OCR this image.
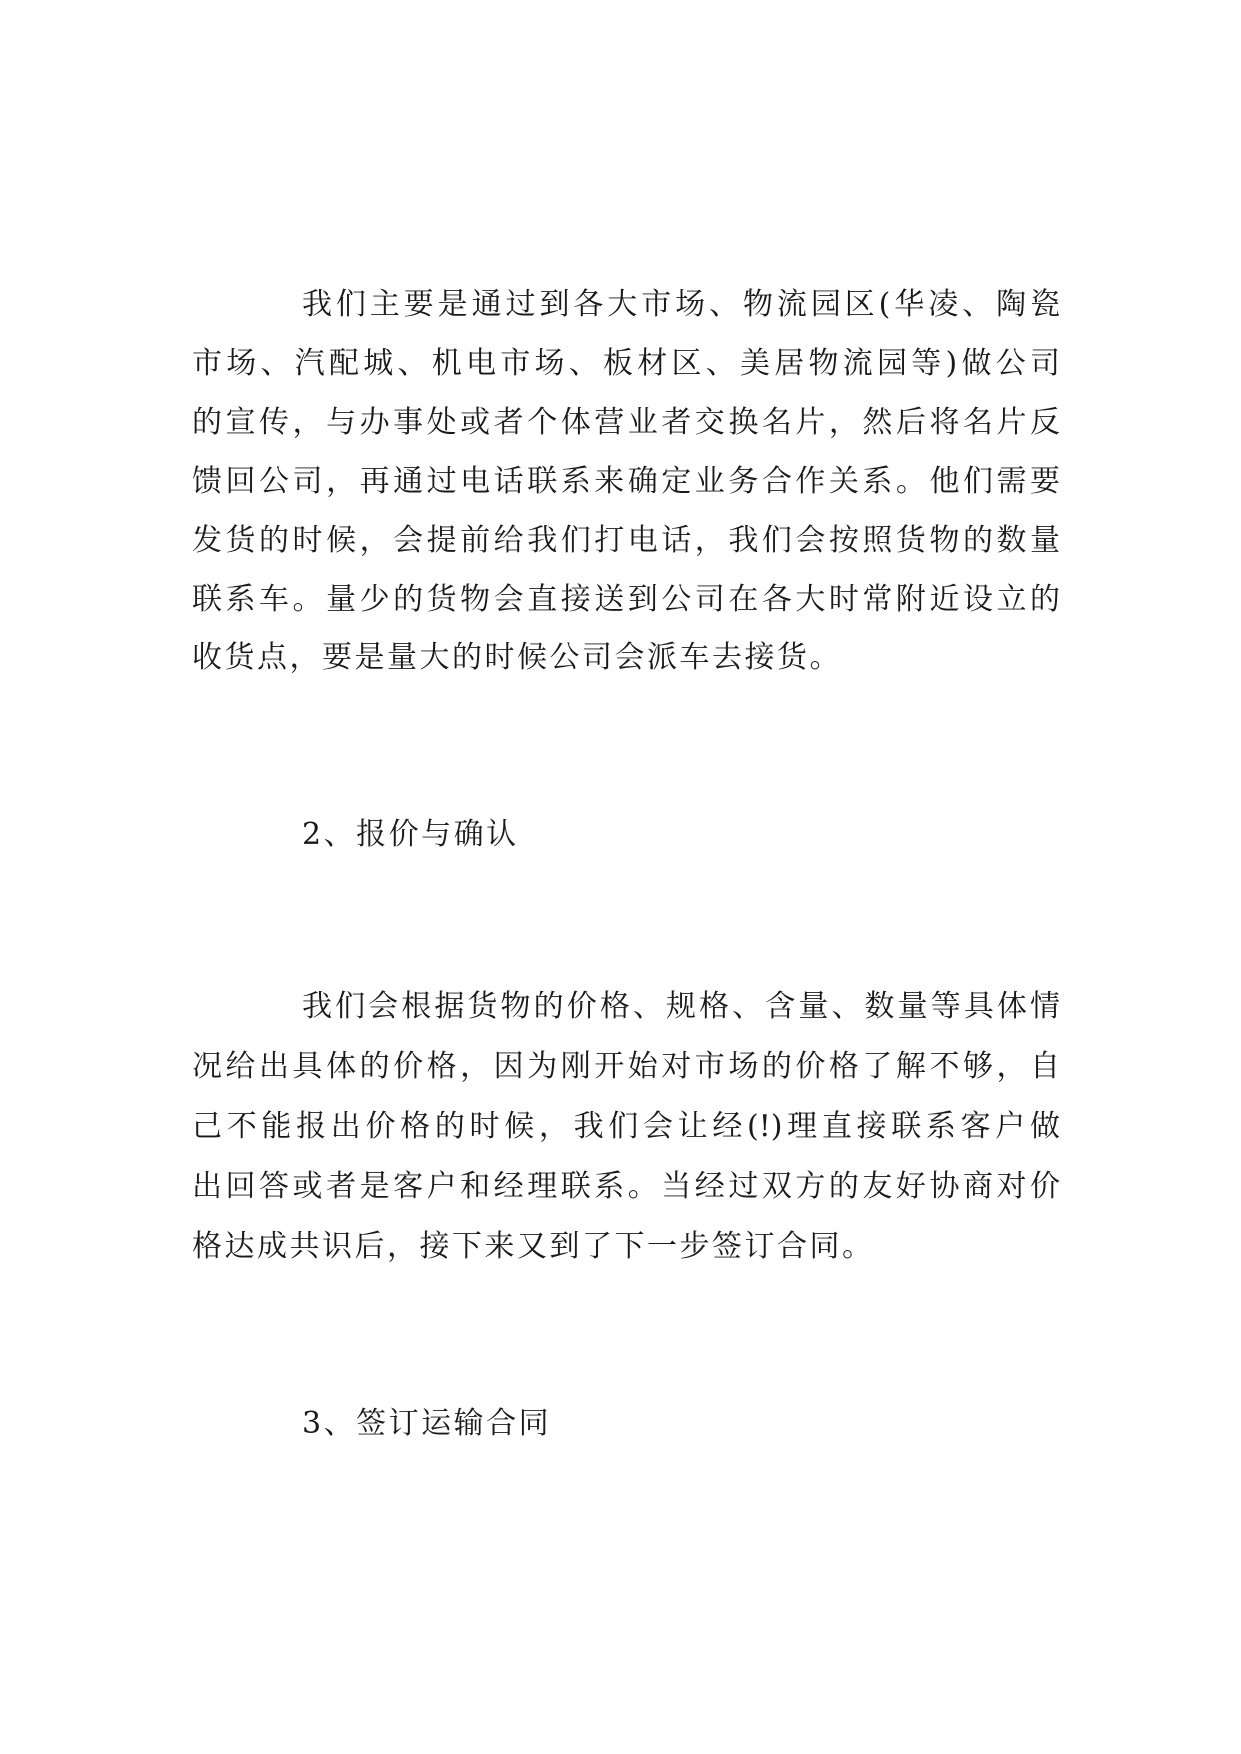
我们主要是通过到各大市场、物流园区(华凌、陶瓷
市场、汽配城、机电市场、板材区、美居物流园等)做公司
的宣传，与办事处或者个体营业者交换名片，然后将名片反
馈回公司，再通过电话联系来确定业务合作关系。他们需要
发货的时候，会提前给我们打电话，我们会按照货物的数量
联系车。量少的货物会直接送到公司在各大时常附近设立的
收货点，要是量大的时候公司会派车去接货。
2、报价与确认
我们会根据货物的价格、规格、含量、数量等具体情
况给出具体的价格，因为刚开始对市场的价格了解不够，自
己不能报出价格的时候，我们会让经(!)理直接联系客户做
出回答或者是客户和经理联系。当经过双方的友好协商对价
格达成共识后，接下来又到了下一步签订合同。
3、签订运输合同
